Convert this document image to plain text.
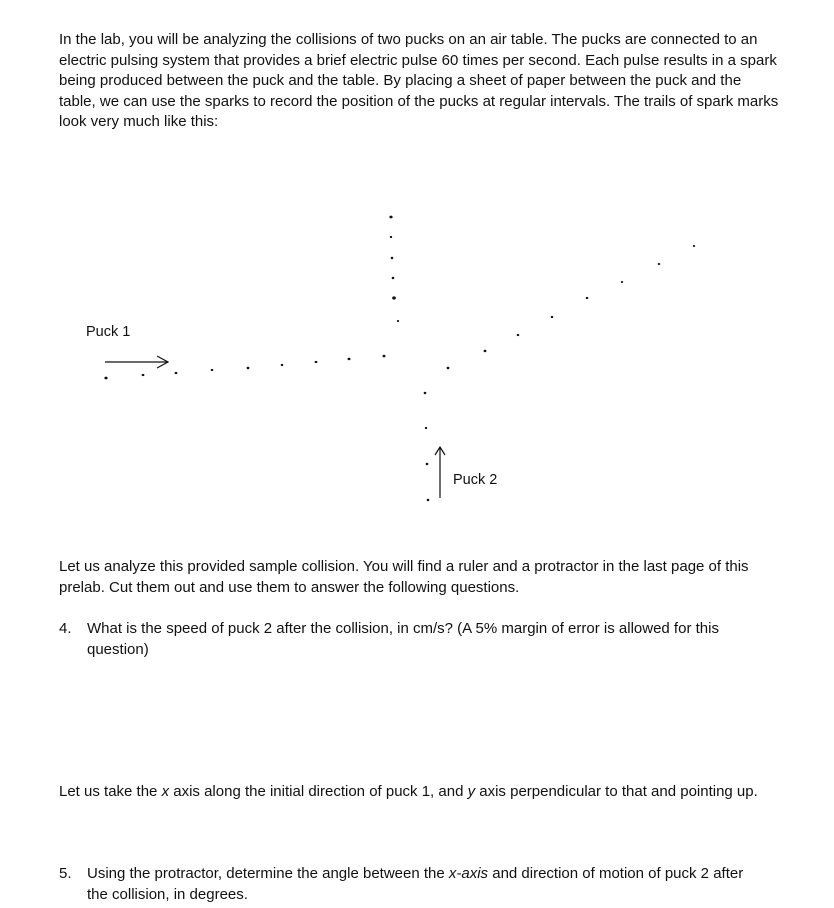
In the lab, you will be analyzing the collisions of two pucks on an air table. The pucks are connected to an electric pulsing system that provides a brief electric pulse 60 times per second. Each pulse results in a spark being produced between the puck and the table. By placing a sheet of paper between the puck and the table, we can use the sparks to record the position of the pucks at regular intervals. The trails of spark marks look very much like this:

Puck 1
Puck 2

Let us analyze this provided sample collision. You will find a ruler and a protractor in the last page of this prelab. Cut them out and use them to answer the following questions.

4. What is the speed of puck 2 after the collision, in cm/s? (A 5% margin of error is allowed for this question)

Let us take the x axis along the initial direction of puck 1, and y axis perpendicular to that and pointing up.

5. Using the protractor, determine the angle between the x-axis and direction of motion of puck 2 after the collision, in degrees.
